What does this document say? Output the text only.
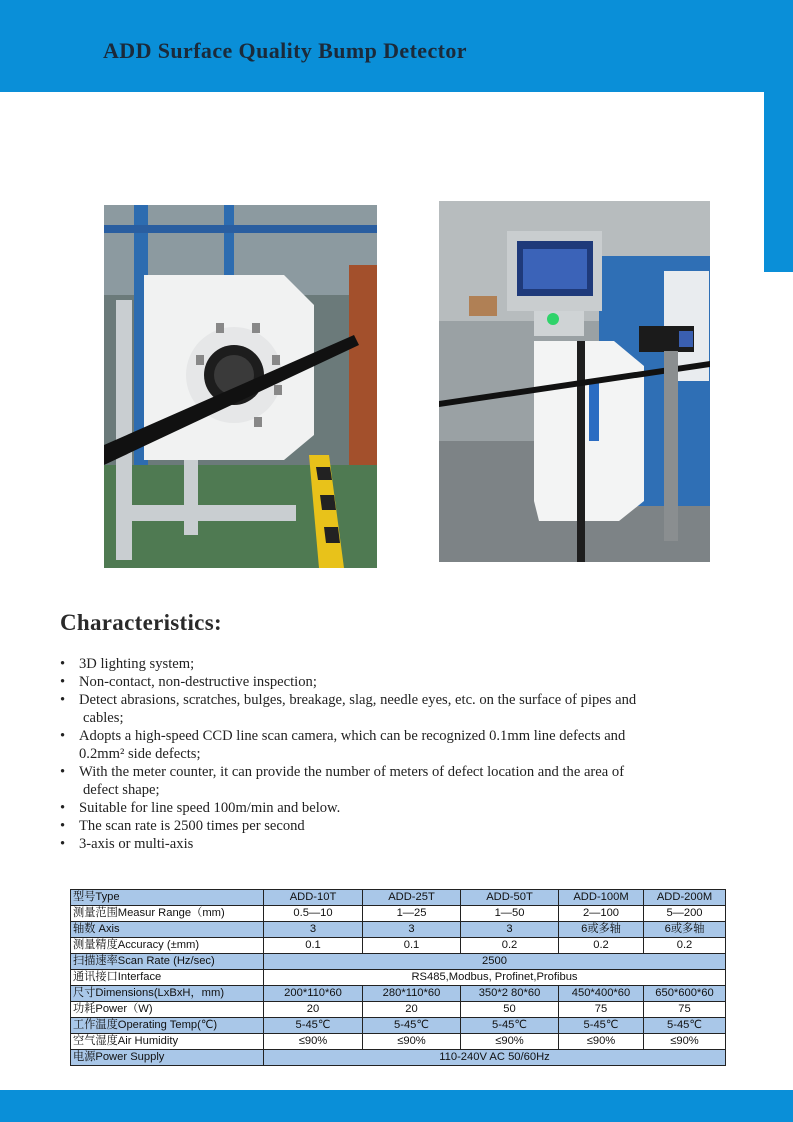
ADD Surface Quality Bump Detector
Characteristics:
• 3D lighting system;
• Non-contact, non-destructive inspection;
• Detect abrasions, scratches, bulges, breakage, slag, needle eyes, etc. on the surface of pipes and
cables;
• Adopts a high-speed CCD line scan camera, which can be recognized 0.1mm line defects and
0.2mm² side defects;
• With the meter counter, it can provide the number of meters of defect location and the area of
defect shape;
• Suitable for line speed 100m/min and below.
• The scan rate is 2500 times per second
• 3-axis or multi-axis
型号Type	ADD-10T	ADD-25T	ADD-50T	ADD-100M	ADD-200M
测量范围Measur Range（mm)	0.5—10	1—25	1—50	2—100	5—200
轴数 Axis	3	3	3	6或多轴	6或多轴
测量精度Accuracy (±mm)	0.1	0.1	0.2	0.2	0.2
扫描速率Scan Rate (Hz/sec)	2500				
通讯接口Interface	RS485,Modbus, Profinet,Profibus				
尺寸Dimensions(LxBxH，mm)	200*110*60	280*110*60	350*2 80*60	450*400*60	650*600*60
功耗Power（W)	20	20	50	75	75
工作温度Operating Temp(℃)	5-45℃	5-45℃	5-45℃	5-45℃	5-45℃
空气湿度Air Humidity	≤90%	≤90%	≤90%	≤90%	≤90%
电源Power Supply	110-240V AC 50/60Hz				
